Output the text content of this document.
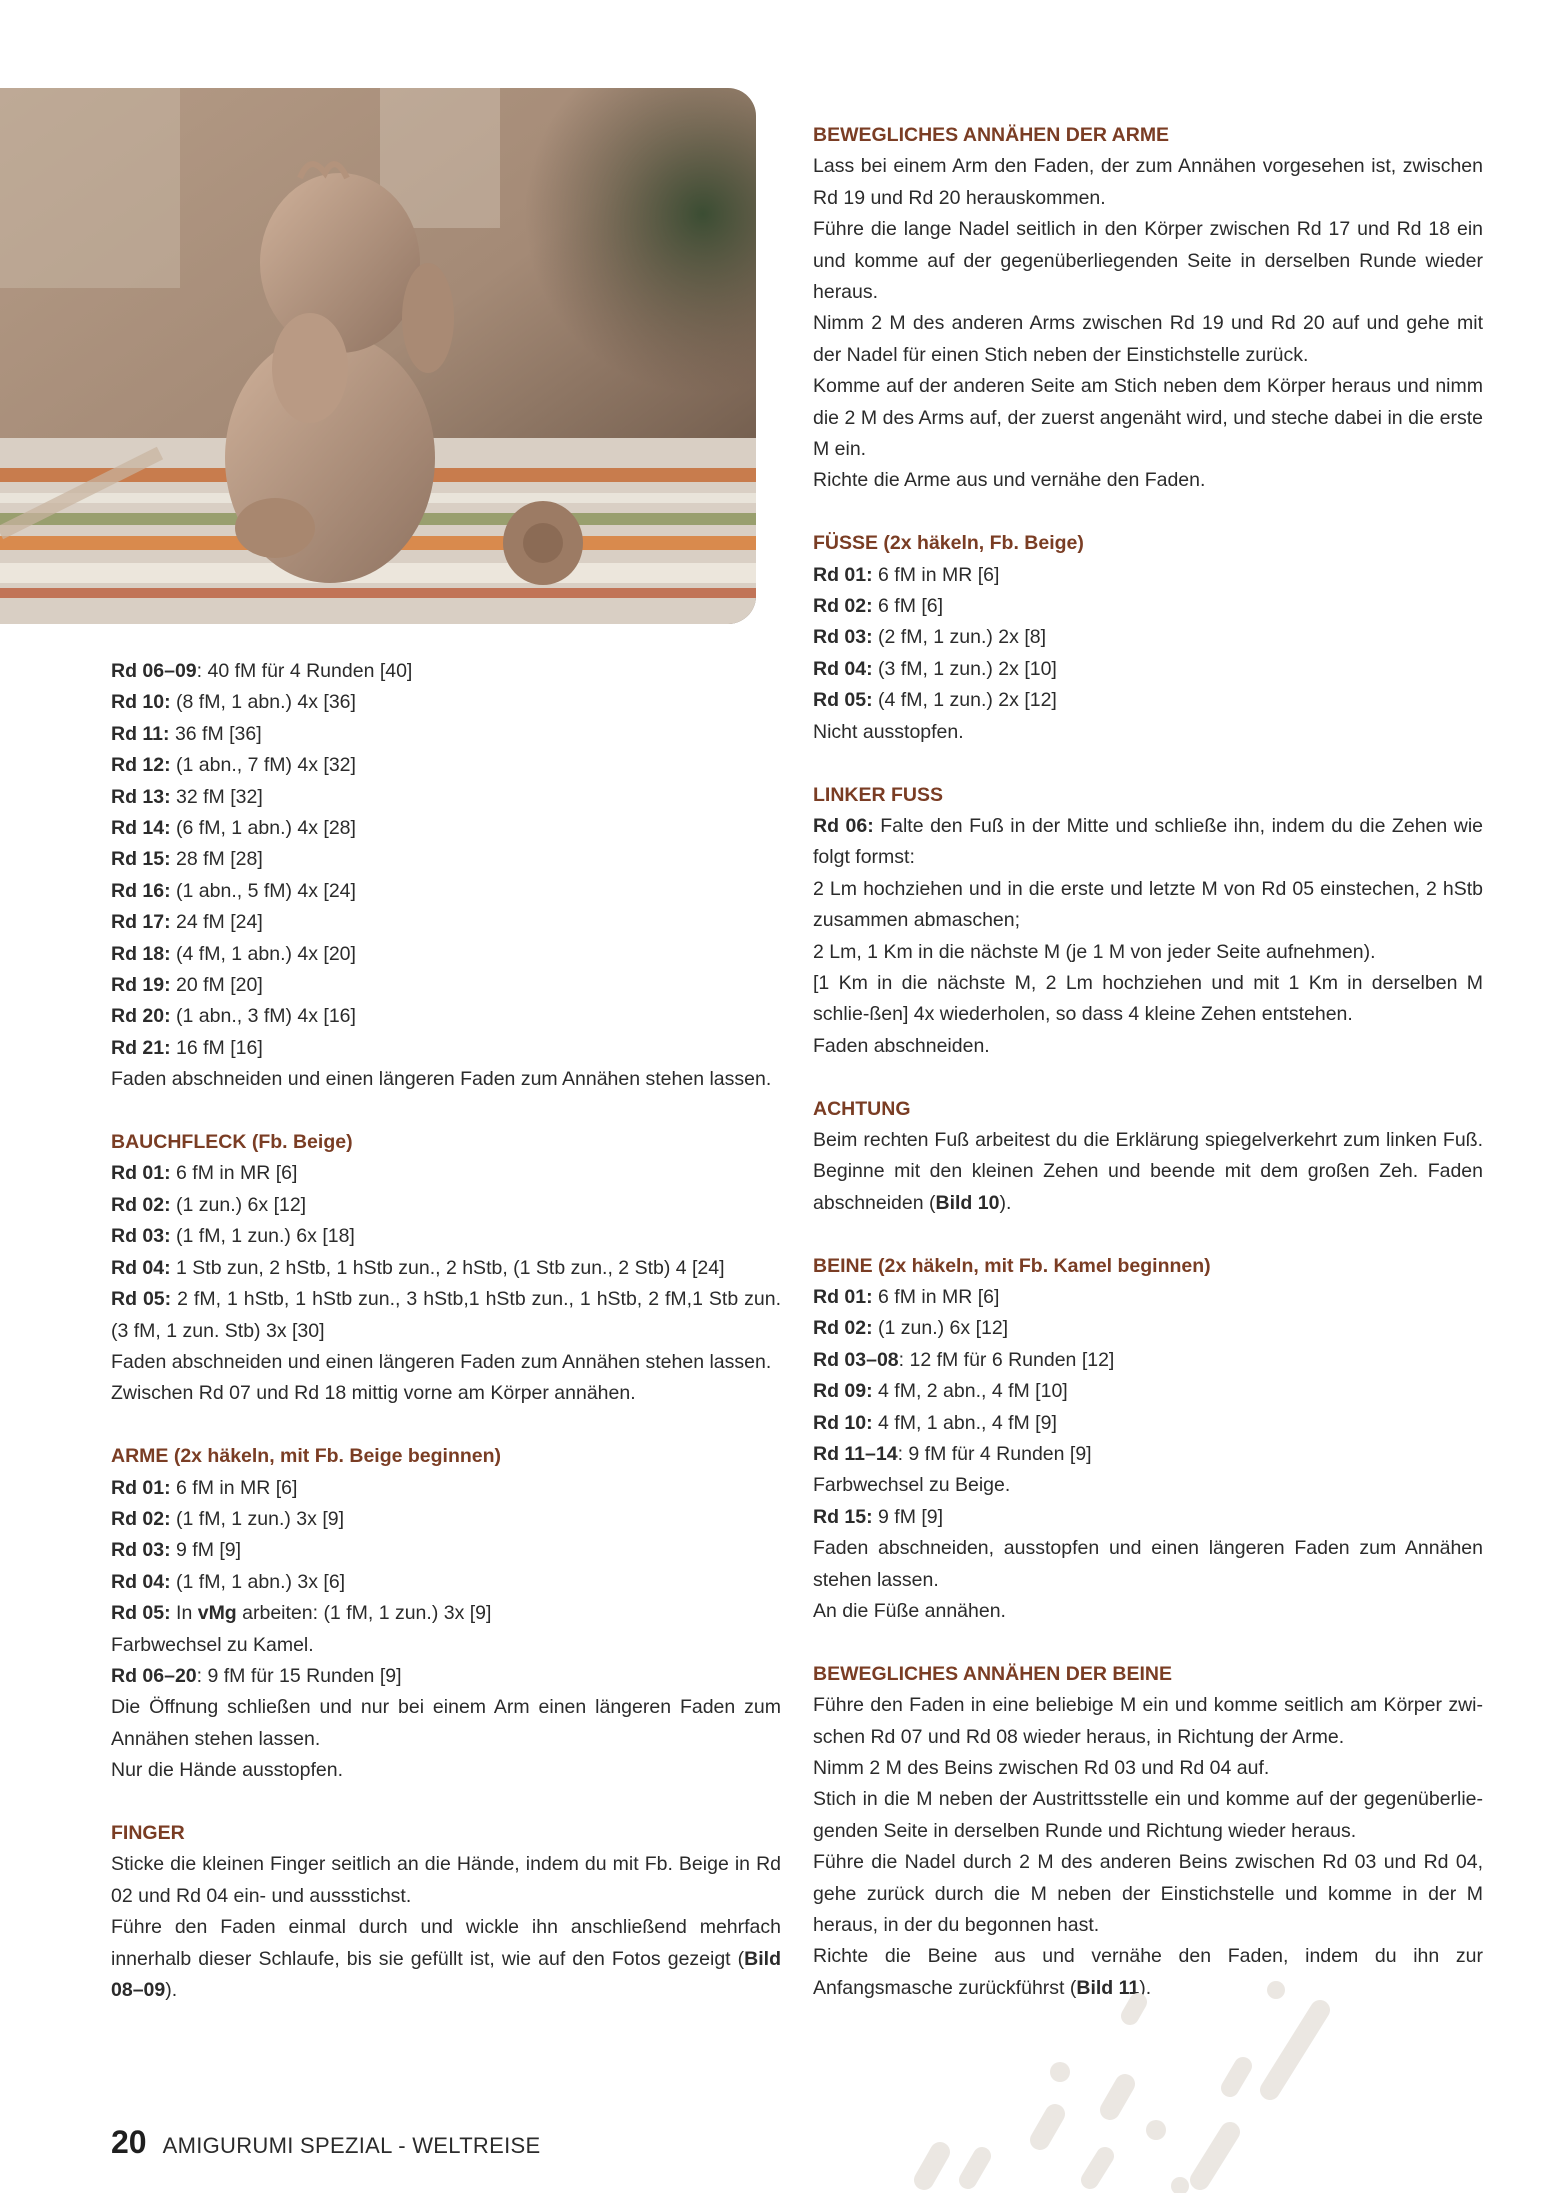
Rd 06–09: 40 fM für 4 Runden [40]

Rd 10: (8 fM, 1 abn.) 4x [36]

Rd 11: 36 fM [36]

Rd 12: (1 abn., 7 fM) 4x [32]

Rd 13: 32 fM [32]

Rd 14: (6 fM, 1 abn.) 4x [28]

Rd 15: 28 fM [28]

Rd 16: (1 abn., 5 fM) 4x [24]

Rd 17: 24 fM [24]

Rd 18: (4 fM, 1 abn.) 4x [20]

Rd 19: 20 fM [20]

Rd 20: (1 abn., 3 fM) 4x [16]

Rd 21: 16 fM [16]

Faden abschneiden und einen längeren Faden zum Annähen stehen lassen.

BAUCHFLECK (Fb. Beige)

Rd 01: 6 fM in MR [6]

Rd 02: (1 zun.) 6x [12]

Rd 03: (1 fM, 1 zun.) 6x [18]

Rd 04: 1 Stb zun, 2 hStb, 1 hStb zun., 2 hStb, (1 Stb zun., 2 Stb) 4 [24]

Rd 05: 2 fM, 1 hStb, 1 hStb zun., 3 hStb,1 hStb zun., 1 hStb, 2 fM,1 Stb zun. (3 fM, 1 zun. Stb) 3x [30]

Faden abschneiden und einen längeren Faden zum Annähen stehen lassen.

Zwischen Rd 07 und Rd 18 mittig vorne am Körper annähen.

ARME (2x häkeln, mit Fb. Beige beginnen)

Rd 01: 6 fM in MR [6]

Rd 02: (1 fM, 1 zun.) 3x [9]

Rd 03: 9 fM [9]

Rd 04: (1 fM, 1 abn.) 3x [6]

Rd 05: In vMg arbeiten: (1 fM, 1 zun.) 3x [9]

Farbwechsel zu Kamel.

Rd 06–20: 9 fM für 15 Runden [9]

Die Öffnung schließen und nur bei einem Arm einen längeren Faden zum Annähen stehen lassen.

Nur die Hände ausstopfen.

FINGER

Sticke die kleinen Finger seitlich an die Hände, indem du mit Fb. Beige in Rd 02 und Rd 04 ein- und aussstichst.

Führe den Faden einmal durch und wickle ihn anschließend mehrfach innerhalb dieser Schlaufe, bis sie gefüllt ist, wie auf den Fotos gezeigt (Bild 08–09).

BEWEGLICHES ANNÄHEN DER ARME

Lass bei einem Arm den Faden, der zum Annähen vorgesehen ist, zwischen Rd 19 und Rd 20 herauskommen.

Führe die lange Nadel seitlich in den Körper zwischen Rd 17 und Rd 18 ein und komme auf der gegenüberliegenden Seite in derselben Runde wieder heraus.

Nimm 2 M des anderen Arms zwischen Rd 19 und Rd 20 auf und gehe mit der Nadel für einen Stich neben der Einstichstelle zurück.

Komme auf der anderen Seite am Stich neben dem Körper heraus und nimm die 2 M des Arms auf, der zuerst angenäht wird, und steche dabei in die erste M ein.

Richte die Arme aus und vernähe den Faden.

FÜSSE (2x häkeln, Fb. Beige)

Rd 01: 6 fM in MR [6]

Rd 02: 6 fM [6]

Rd 03: (2 fM, 1 zun.) 2x [8]

Rd 04: (3 fM, 1 zun.) 2x [10]

Rd 05: (4 fM, 1 zun.) 2x [12]

Nicht ausstopfen.

LINKER FUSS

Rd 06: Falte den Fuß in der Mitte und schließe ihn, indem du die Zehen wie folgt formst:

2 Lm hochziehen und in die erste und letzte M von Rd 05 einstechen, 2 hStb zusammen abmaschen;

2 Lm, 1 Km in die nächste M (je 1 M von jeder Seite aufnehmen).

[1 Km in die nächste M, 2 Lm hochziehen und mit 1 Km in derselben M schlie-ßen] 4x wiederholen, so dass 4 kleine Zehen entstehen.

Faden abschneiden.

ACHTUNG

Beim rechten Fuß arbeitest du die Erklärung spiegelverkehrt zum linken Fuß. Beginne mit den kleinen Zehen und beende mit dem großen Zeh. Faden abschneiden (Bild 10).

BEINE (2x häkeln, mit Fb. Kamel beginnen)

Rd 01: 6 fM in MR [6]

Rd 02: (1 zun.) 6x [12]

Rd 03–08: 12 fM für 6 Runden [12]

Rd 09: 4 fM, 2 abn., 4 fM [10]

Rd 10: 4 fM, 1 abn., 4 fM [9]

Rd 11–14: 9 fM für 4 Runden [9]

Farbwechsel zu Beige.

Rd 15: 9 fM [9]

Faden abschneiden, ausstopfen und einen längeren Faden zum Annähen stehen lassen.

An die Füße annähen.

BEWEGLICHES ANNÄHEN DER BEINE

Führe den Faden in eine beliebige M ein und komme seitlich am Körper zwi-schen Rd 07 und Rd 08 wieder heraus, in Richtung der Arme.

Nimm 2 M des Beins zwischen Rd 03 und Rd 04 auf.

Stich in die M neben der Austrittsstelle ein und komme auf der gegenüberlie-genden Seite in derselben Runde und Richtung wieder heraus.

Führe die Nadel durch 2 M des anderen Beins zwischen Rd 03 und Rd 04, gehe zurück durch die M neben der Einstichstelle und komme in der M heraus, in der du begonnen hast.

Richte die Beine aus und vernähe den Faden, indem du ihn zur Anfangsmasche zurückführst (Bild 11).

20 AMIGURUMI SPEZIAL - WELTREISE
